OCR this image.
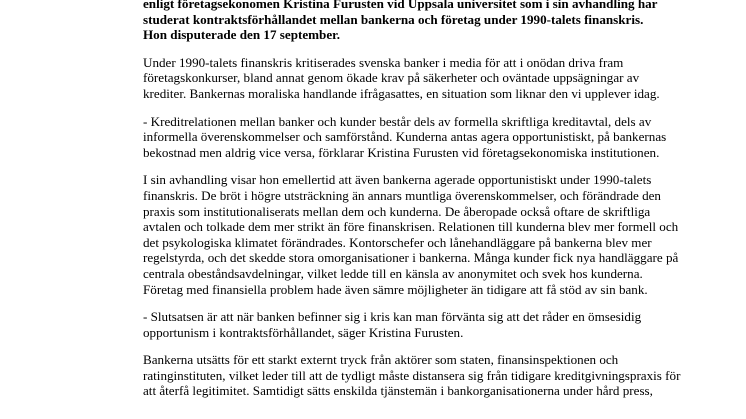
enligt företagsekonomen Kristina Furusten vid Uppsala universitet som i sin avhandling har
studerat kontraktsförhållandet mellan bankerna och företag under 1990-talets finanskris.
Hon disputerade den 17 september.

Under 1990-talets finanskris kritiserades svenska banker i media för att i onödan driva fram
företagskonkurser, bland annat genom ökade krav på säkerheter och oväntade uppsägningar av
krediter. Bankernas moraliska handlande ifrågasattes, en situation som liknar den vi upplever idag.

- Kreditrelationen mellan banker och kunder består dels av formella skriftliga kreditavtal, dels av
informella överenskommelser och samförstånd. Kunderna antas agera opportunistiskt, på bankernas
bekostnad men aldrig vice versa, förklarar Kristina Furusten vid företagsekonomiska institutionen.

I sin avhandling visar hon emellertid att även bankerna agerade opportunistiskt under 1990-talets
finanskris. De bröt i högre utsträckning än annars muntliga överenskommelser, och förändrade den
praxis som institutionaliserats mellan dem och kunderna. De åberopade också oftare de skriftliga
avtalen och tolkade dem mer strikt än före finanskrisen. Relationen till kunderna blev mer formell och
det psykologiska klimatet förändrades. Kontorschefer och lånehandläggare på bankerna blev mer
regelstyrda, och det skedde stora omorganisationer i bankerna. Många kunder fick nya handläggare på
centrala obeståndsavdelningar, vilket ledde till en känsla av anonymitet och svek hos kunderna.
Företag med finansiella problem hade även sämre möjligheter än tidigare att få stöd av sin bank.

- Slutsatsen är att när banken befinner sig i kris kan man förvänta sig att det råder en ömsesidig
opportunism i kontraktsförhållandet, säger Kristina Furusten.

Bankerna utsätts för ett starkt externt tryck från aktörer som staten, finansinspektionen och
ratinginstituten, vilket leder till att de tydligt måste distansera sig från tidigare kreditgivningspraxis för
att återfå legitimitet. Samtidigt sätts enskilda tjänstemän i bankorganisationerna under hård press,
